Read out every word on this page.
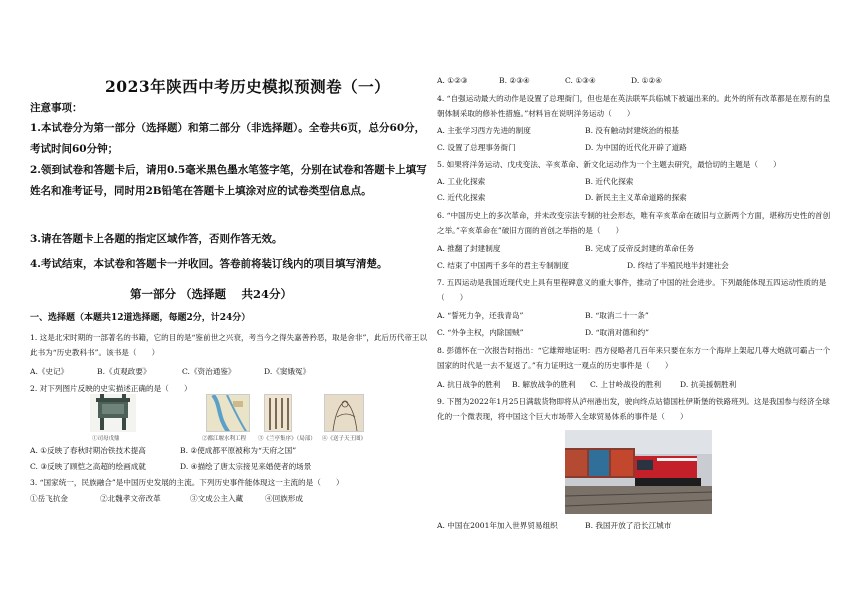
2023年陕西中考历史模拟预测卷（一）
注意事项：
1.本试卷分为第一部分（选择题）和第二部分（非选择题）。全卷共6页，总分60分，考试时间60分钟；
2.领到试卷和答题卡后，请用0.5毫米黑色墨水笔签字笔，分别在试卷和答题卡上填写姓名和准考证号，同时用2B铅笔在答题卡上填涂对应的试卷类型信息点。
3.请在答题卡上各题的指定区域作答，否则作答无效。
4.考试结束，本试卷和答题卡一并收回。答卷前将装订线内的项目填写清楚。
第一部分 （选择题　 共24分）
一、选择题（本题共12道选择题，每题2分，计24分）
1. 这是北宋时期的一部著名的书籍，它的目的是“鉴前世之兴衰，考当今之得失嘉善矜恶，取是舍非”，此后历代帝王以此书为“历史教科书”。该书是（　　）
A.《史记》	B.《贞观政要》	C.《资治通鉴》	D.《窦娥冤》
2. 对下列图片反映的史实描述正确的是（　　）
①司母戊鼎	②都江堰水利工程 ③《兰亭集序》（局部） ④《送子天王图》
A. ①反映了春秋时期冶铁技术提高	B. ②使成都平原被称为“天府之国”
C. ③反映了顾恺之高超的绘画成就	D. ④描绘了唐太宗接见来婚使者的场景
3. “国家统一，民族融合”是中国历史发展的主流。下列历史事件能体现这一主流的是（　　）
①岳飞抗金	②北魏孝文帝改革	③文成公主入藏	④回族形成
A. ①②③	B. ②③④	C. ①③④	D. ①②④
4. “自强运动最大的动作是设置了总理衙门，但也是在英法联军兵临城下被逼出来的。此外的所有改革都是在原有的皇朝体制采取的修补性措施。”材料旨在说明洋务运动（　　）
A. 主张学习西方先进的制度	B. 没有触动封建统治的根基
C. 设置了总理事务衙门	D. 为中国的近代化开辟了道路
5. 如果将洋务运动、戊戌变法、辛亥革命、新文化运动作为一个主题去研究，最恰切的主题是（　　）
A. 工业化探索	B. 近代化探索
C. 近代化探索	D. 新民主主义革命道路的探索
6. “中国历史上的多次革命，并未改变宗法专制的社会形态，唯有辛亥革命在破旧与立新两个方面，堪称历史性的首创之举。”辛亥革命在”破旧方面的首创之举指的是（　　）
A. 推翻了封建制度	B. 完成了反帝反封建的革命任务
C. 结束了中国两千多年的君主专制制度	D. 终结了半殖民地半封建社会
7. 五四运动是我国近现代史上具有里程碑意义的重大事件，推动了中国的社会进步。下列最能体现五四运动性质的是（　　）
A. “誓死力争，还我青岛”	B. “取消二十一条”
C. “外争主权，内除国贼”	D. “取消对德和约”
8. 彭德怀在一次报告时指出：“它雄辩地证明：西方侵略者几百年来只要在东方一个海岸上架起几尊大炮就可霸占一个国家的时代是一去不复返了。”有力证明这一观点的历史事件是（　　）
A. 抗日战争的胜利	B. 解放战争的胜利	C. 上甘岭战役的胜利	D. 抗美援朝胜利
9. 下图为2022年1月25日满载货物即将从泸州港出发，驶向终点站德国杜伊斯堡的铁路班列。这是我国参与经济全球化的一个微表现，将中国这个巨大市场带入全球贸易体系的事件是（　　）
A. 中国在2001年加入世界贸易组织	B. 我国开放了沿长江城市
